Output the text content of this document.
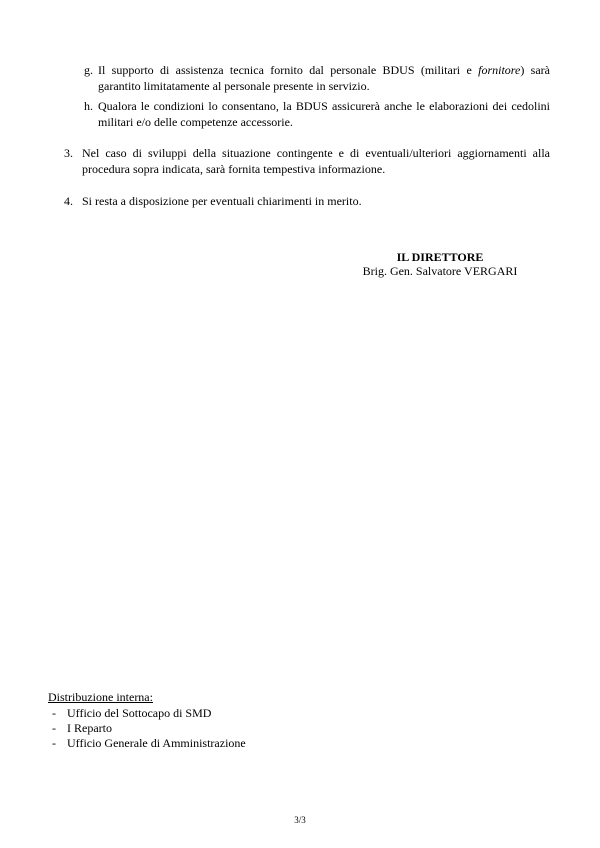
g. Il supporto di assistenza tecnica fornito dal personale BDUS (militari e fornitore) sarà garantito limitatamente al personale presente in servizio.
h. Qualora le condizioni lo consentano, la BDUS assicurerà anche le elaborazioni dei cedolini militari e/o delle competenze accessorie.
3. Nel caso di sviluppi della situazione contingente e di eventuali/ulteriori aggiornamenti alla procedura sopra indicata, sarà fornita tempestiva informazione.
4. Si resta a disposizione per eventuali chiarimenti in merito.
IL DIRETTORE
Brig. Gen. Salvatore VERGARI
Distribuzione interna:
- Ufficio del Sottocapo di SMD
- I Reparto
- Ufficio Generale di Amministrazione
3/3
